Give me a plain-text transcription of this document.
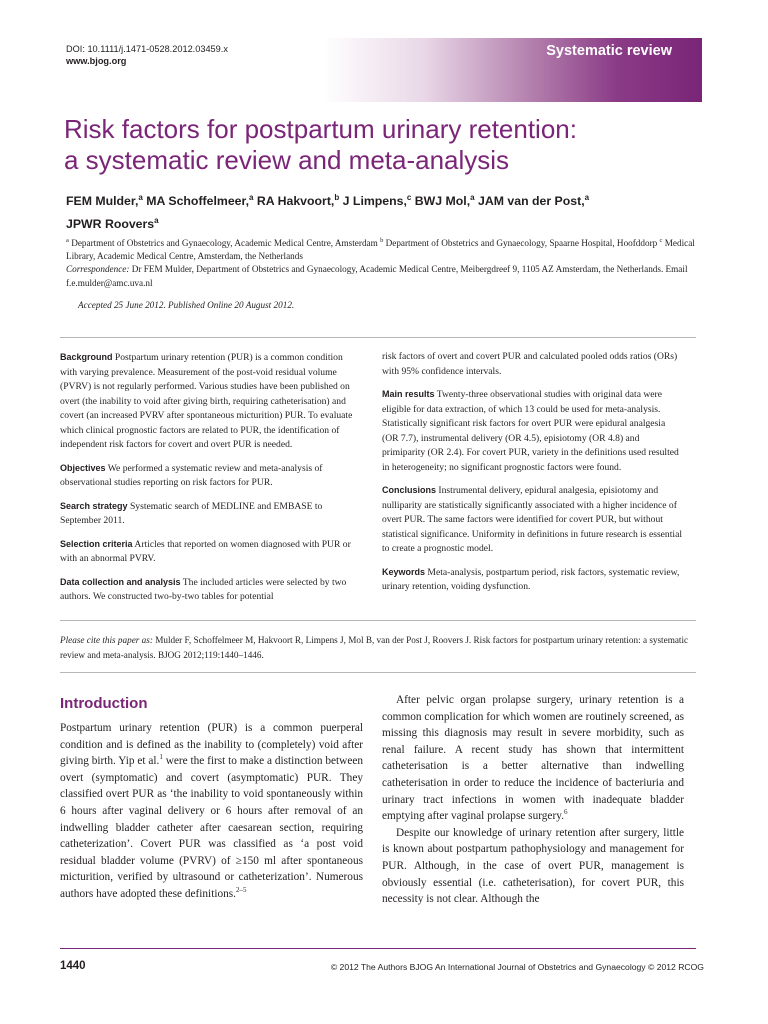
DOI: 10.1111/j.1471-0528.2012.03459.x
www.bjog.org
Systematic review
Risk factors for postpartum urinary retention:
a systematic review and meta-analysis
FEM Mulder,$^a$ MA Schoffelmeer,$^a$ RA Hakvoort,$^b$ J Limpens,$^c$ BWJ Mol,$^a$ JAM van der Post,$^a$
JPWR Roovers$^a$
$^a$ Department of Obstetrics and Gynaecology, Academic Medical Centre, Amsterdam $^b$ Department of Obstetrics and Gynaecology, Spaarne Hospital, Hoofddorp $^c$ Medical Library, Academic Medical Centre, Amsterdam, the Netherlands
Correspondence: Dr FEM Mulder, Department of Obstetrics and Gynaecology, Academic Medical Centre, Meibergdreef 9, 1105 AZ Amsterdam, the Netherlands. Email f.e.mulder@amc.uva.nl
Accepted 25 June 2012. Published Online 20 August 2012.

Background Postpartum urinary retention (PUR) is a common condition with varying prevalence. Measurement of the post-void residual volume (PVRV) is not regularly performed. Various studies have been published on overt (the inability to void after giving birth, requiring catheterisation) and covert (an increased PVRV after spontaneous micturition) PUR. To evaluate which clinical prognostic factors are related to PUR, the identification of independent risk factors for covert and overt PUR is needed.

Objectives We performed a systematic review and meta-analysis of observational studies reporting on risk factors for PUR.

Search strategy Systematic search of MEDLINE and EMBASE to September 2011.

Selection criteria Articles that reported on women diagnosed with PUR or with an abnormal PVRV.

Data collection and analysis The included articles were selected by two authors. We constructed two-by-two tables for potential

risk factors of overt and covert PUR and calculated pooled odds ratios (ORs) with 95% confidence intervals.

Main results Twenty-three observational studies with original data were eligible for data extraction, of which 13 could be used for meta-analysis. Statistically significant risk factors for overt PUR were epidural analgesia (OR 7.7), instrumental delivery (OR 4.5), episiotomy (OR 4.8) and primiparity (OR 2.4). For covert PUR, variety in the definitions used resulted in heterogeneity; no significant prognostic factors were found.

Conclusions Instrumental delivery, epidural analgesia, episiotomy and nulliparity are statistically significantly associated with a higher incidence of overt PUR. The same factors were identified for covert PUR, but without statistical significance. Uniformity in definitions in future research is essential to create a prognostic model.

Keywords Meta-analysis, postpartum period, risk factors, systematic review, urinary retention, voiding dysfunction.

Please cite this paper as: Mulder F, Schoffelmeer M, Hakvoort R, Limpens J, Mol B, van der Post J, Roovers J. Risk factors for postpartum urinary retention: a systematic review and meta-analysis. BJOG 2012;119:1440–1446.
Introduction

Postpartum urinary retention (PUR) is a common puerperal condition and is defined as the inability to (completely) void after giving birth. Yip et al.$^1$ were the first to make a distinction between overt (symptomatic) and covert (asymptomatic) PUR. They classified overt PUR as ‘the inability to void spontaneously within 6 hours after vaginal delivery or 6 hours after removal of an indwelling bladder catheter after caesarean section, requiring catheterization’. Covert PUR was classified as ‘a post void residual bladder volume (PVRV) of ≥150 ml after spontaneous micturition, verified by ultrasound or catheterization’. Numerous authors have adopted these definitions.$^{2-5}$

After pelvic organ prolapse surgery, urinary retention is a common complication for which women are routinely screened, as missing this diagnosis may result in severe morbidity, such as renal failure. A recent study has shown that intermittent catheterisation is a better alternative than indwelling catheterisation in order to reduce the incidence of bacteriuria and urinary tract infections in women with inadequate bladder emptying after vaginal prolapse surgery.$^6$

Despite our knowledge of urinary retention after surgery, little is known about postpartum pathophysiology and management for PUR. Although, in the case of overt PUR, management is obviously essential (i.e. catheterisation), for covert PUR, this necessity is not clear. Although the

1440	© 2012 The Authors BJOG An International Journal of Obstetrics and Gynaecology © 2012 RCOG
